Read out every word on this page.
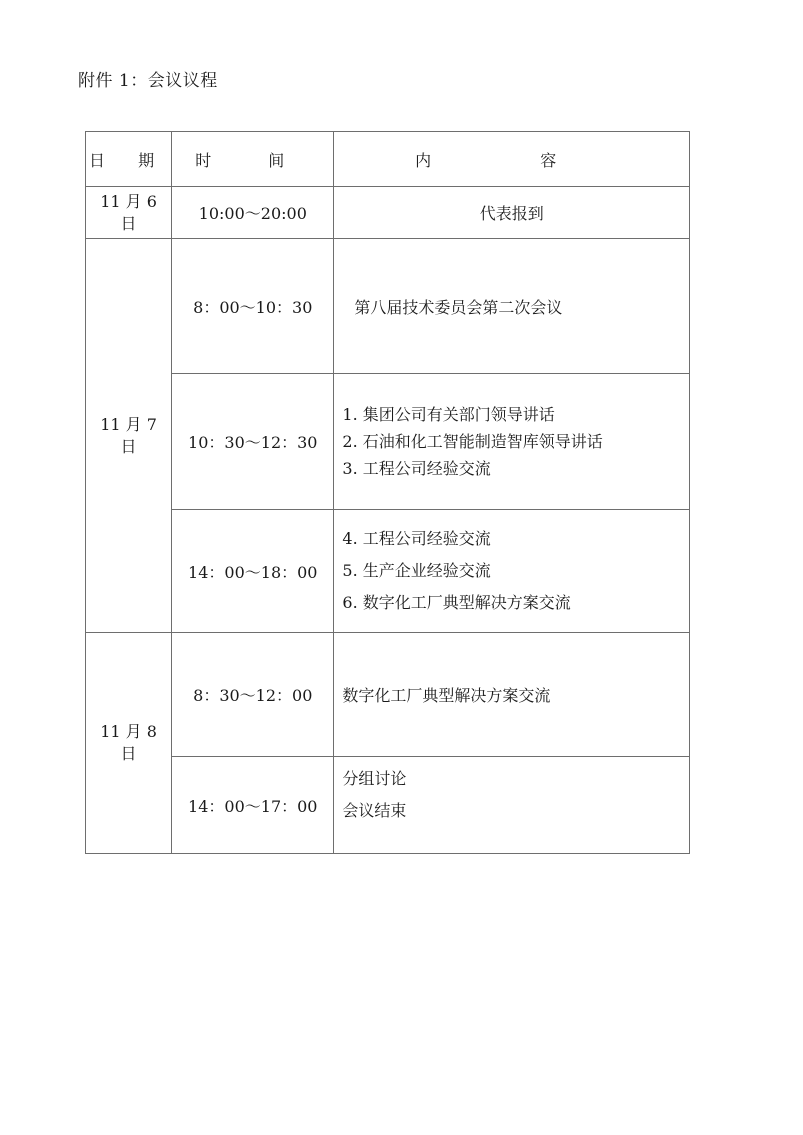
附件 1：会议议程
日 期	时 间	内 容
11 月 6 日	10:00～20:00	代表报到
11 月 7 日	8：00～10：30	第八届技术委员会第二次会议
	10：30～12：30	1. 集团公司有关部门领导讲话
2. 石油和化工智能制造智库领导讲话
3. 工程公司经验交流

	14：00～18：00	4. 工程公司经验交流
5. 生产企业经验交流
6. 数字化工厂典型解决方案交流

11 月 8 日	8：30～12：00	数字化工厂典型解决方案交流
	14：00～17：00	分组讨论
会议结束
